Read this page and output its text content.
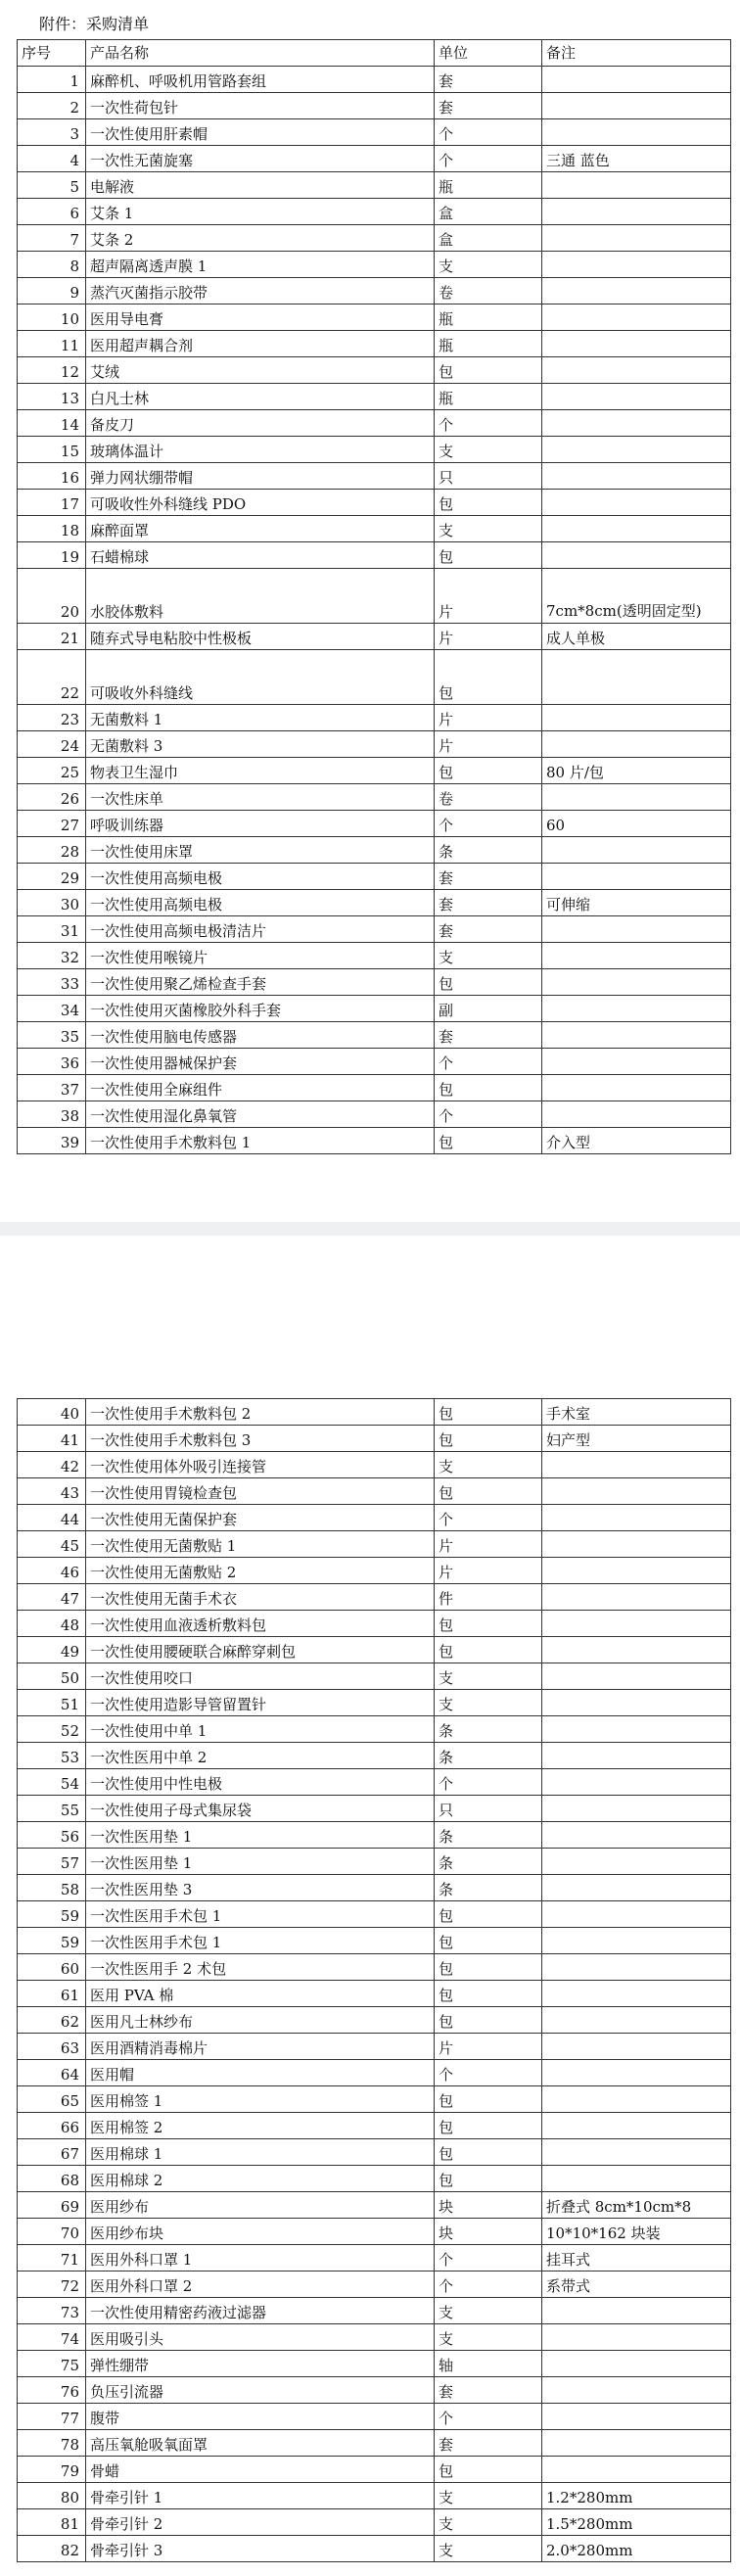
附件：采购清单
序号	产品名称	单位	备注
1	麻醉机、呼吸机用管路套组	套	
2	一次性荷包针	套	
3	一次性使用肝素帽	个	
4	一次性无菌旋塞	个	三通 蓝色
5	电解液	瓶	
6	艾条 1	盒	
7	艾条 2	盒	
8	超声隔离透声膜 1	支	
9	蒸汽灭菌指示胶带	卷	
10	医用导电膏	瓶	
11	医用超声耦合剂	瓶	
12	艾绒	包	
13	白凡士林	瓶	
14	备皮刀	个	
15	玻璃体温计	支	
16	弹力网状绷带帽	只	
17	可吸收性外科缝线 PDO	包	
18	麻醉面罩	支	
19	石蜡棉球	包	
20	水胶体敷料	片	7cm*8cm(透明固定型)
21	随弃式导电粘胶中性极板	片	成人单极
22	可吸收外科缝线	包	
23	无菌敷料 1	片	
24	无菌敷料 3	片	
25	物表卫生湿巾	包	80 片/包
26	一次性床单	卷	
27	呼吸训练器	个	60
28	一次性使用床罩	条	
29	一次性使用高频电极	套	
30	一次性使用高频电极	套	可伸缩
31	一次性使用高频电极清洁片	套	
32	一次性使用喉镜片	支	
33	一次性使用聚乙烯检查手套	包	
34	一次性使用灭菌橡胶外科手套	副	
35	一次性使用脑电传感器	套	
36	一次性使用器械保护套	个	
37	一次性使用全麻组件	包	
38	一次性使用湿化鼻氧管	个	
39	一次性使用手术敷料包 1	包	介入型
40	一次性使用手术敷料包 2	包	手术室
41	一次性使用手术敷料包 3	包	妇产型
42	一次性使用体外吸引连接管	支	
43	一次性使用胃镜检查包	包	
44	一次性使用无菌保护套	个	
45	一次性使用无菌敷贴 1	片	
46	一次性使用无菌敷贴 2	片	
47	一次性使用无菌手术衣	件	
48	一次性使用血液透析敷料包	包	
49	一次性使用腰硬联合麻醉穿刺包	包	
50	一次性使用咬口	支	
51	一次性使用造影导管留置针	支	
52	一次性使用中单 1	条	
53	一次性医用中单 2	条	
54	一次性使用中性电极	个	
55	一次性使用子母式集尿袋	只	
56	一次性医用垫 1	条	
57	一次性医用垫 1	条	
58	一次性医用垫 3	条	
59	一次性医用手术包 1	包	
59	一次性医用手术包 1	包	
60	一次性医用手 2 术包	包	
61	医用 PVA 棉	包	
62	医用凡士林纱布	包	
63	医用酒精消毒棉片	片	
64	医用帽	个	
65	医用棉签 1	包	
66	医用棉签 2	包	
67	医用棉球 1	包	
68	医用棉球 2	包	
69	医用纱布	块	折叠式 8cm*10cm*8
70	医用纱布块	块	10*10*162 块装
71	医用外科口罩 1	个	挂耳式
72	医用外科口罩 2	个	系带式
73	一次性使用精密药液过滤器	支	
74	医用吸引头	支	
75	弹性绷带	轴	
76	负压引流器	套	
77	腹带	个	
78	高压氧舱吸氧面罩	套	
79	骨蜡	包	
80	骨牵引针 1	支	1.2*280mm
81	骨牵引针 2	支	1.5*280mm
82	骨牵引针 3	支	2.0*280mm
